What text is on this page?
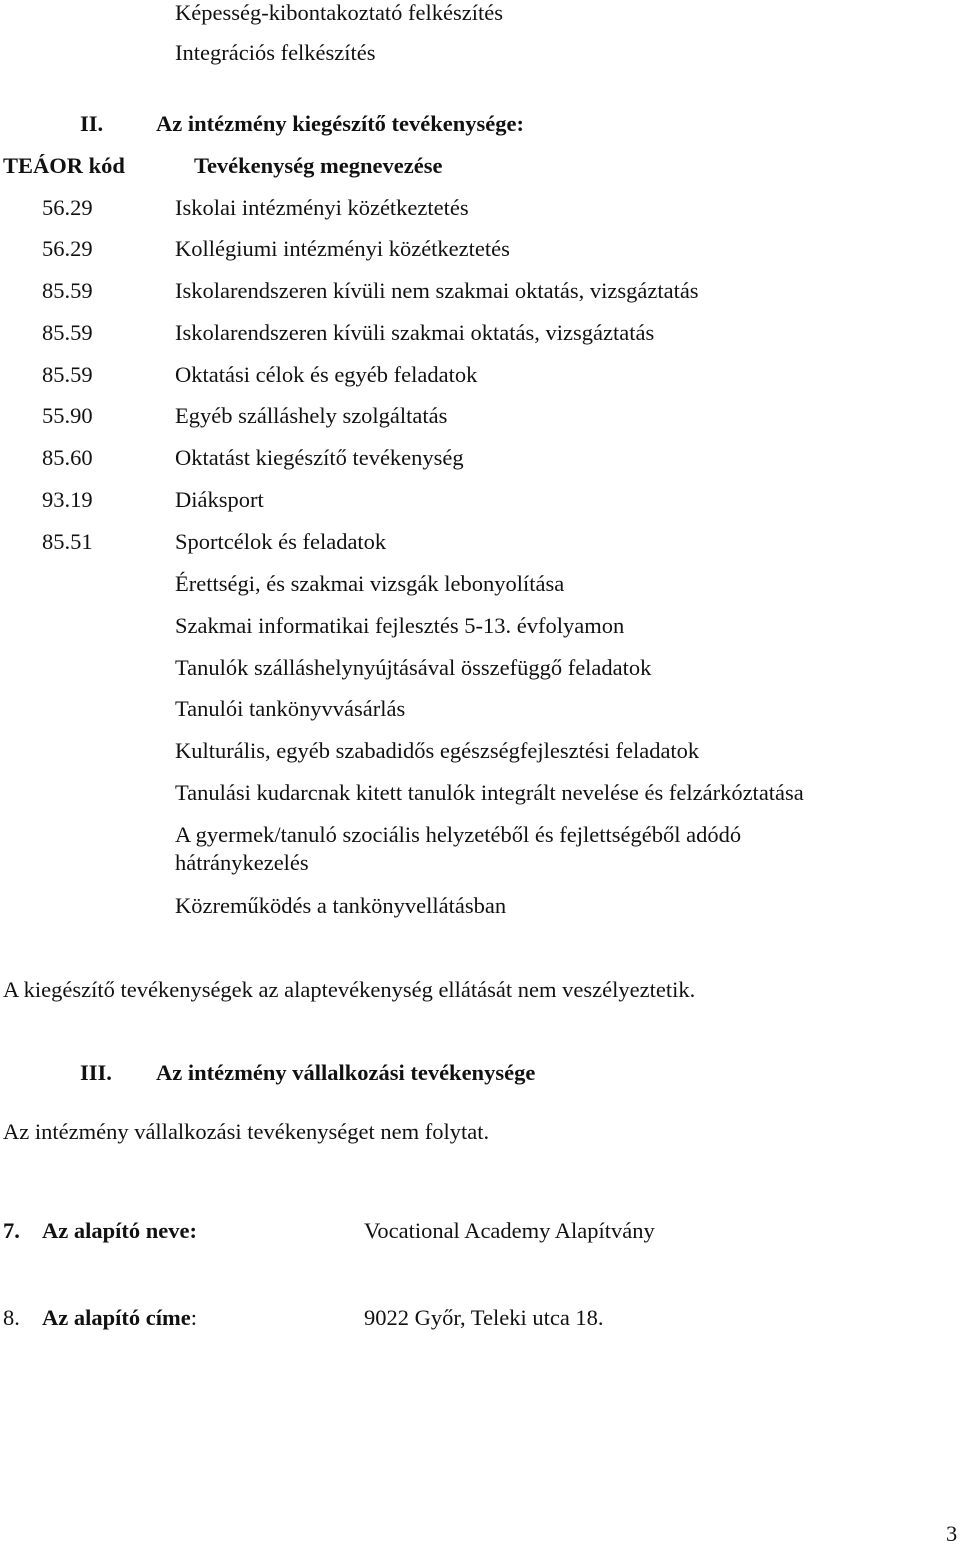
Képesség-kibontakoztató felkészítés
Integrációs felkészítés
II. Az intézmény kiegészítő tevékenysége:
TEÁOR kód	Tevékenység megnevezése
56.29	Iskolai intézményi közétkeztetés
56.29	Kollégiumi intézményi közétkeztetés
85.59	Iskolarendszeren kívüli nem szakmai oktatás, vizsgáztatás
85.59	Iskolarendszeren kívüli szakmai oktatás, vizsgáztatás
85.59	Oktatási célok és egyéb feladatok
55.90	Egyéb szálláshely szolgáltatás
85.60	Oktatást kiegészítő tevékenység
93.19	Diáksport
85.51	Sportcélok és feladatok
Érettségi, és szakmai vizsgák lebonyolítása
Szakmai informatikai fejlesztés 5-13. évfolyamon
Tanulók szálláshelynyújtásával összefüggő feladatok
Tanulói tankönyvvásárlás
Kulturális, egyéb szabadidős egészségfejlesztési feladatok
Tanulási kudarcnak kitett tanulók integrált nevelése és felzárkóztatása
A gyermek/tanuló szociális helyzetéből és fejlettségéből adódó
hátránykezelés
Közreműködés a tankönyvellátásban
A kiegészítő tevékenységek az alaptevékenység ellátását nem veszélyeztetik.
III. Az intézmény vállalkozási tevékenysége
Az intézmény vállalkozási tevékenységet nem folytat.
7. Az alapító neve:	Vocational Academy Alapítvány
8. Az alapító címe:	9022 Győr, Teleki utca 18.
3
